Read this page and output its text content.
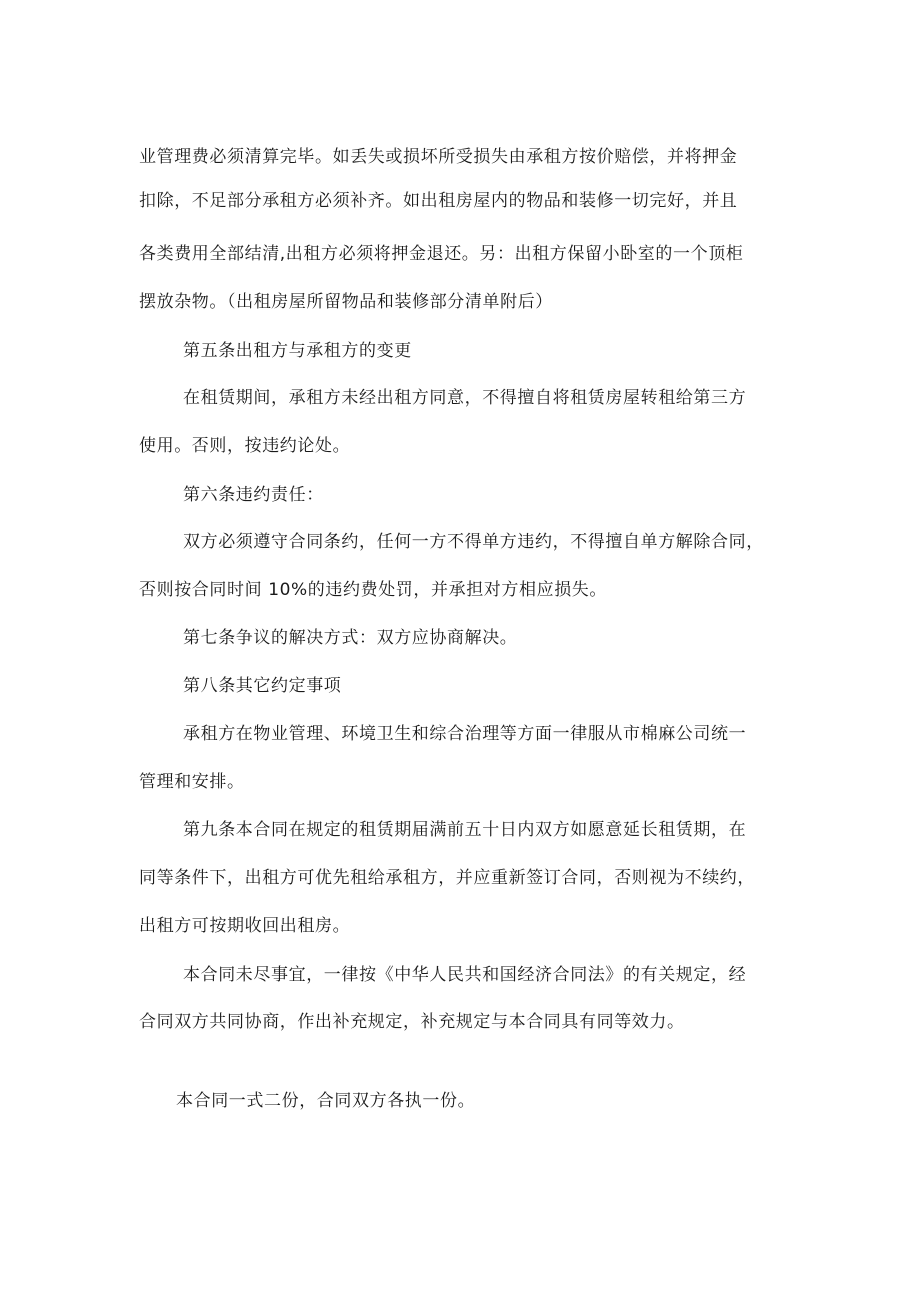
业管理费必须清算完毕。如丢失或损坏所受损失由承租方按价赔偿，并将押金
扣除，不足部分承租方必须补齐。如出租房屋内的物品和装修一切完好，并且
各类费用全部结清,出租方必须将押金退还。另：出租方保留小卧室的一个顶柜
摆放杂物。（出租房屋所留物品和装修部分清单附后）
第五条出租方与承租方的变更
在租赁期间，承租方未经出租方同意，不得擅自将租赁房屋转租给第三方
使用。否则，按违约论处。
第六条违约责任：
双方必须遵守合同条约，任何一方不得单方违约，不得擅自单方解除合同，
否则按合同时间 10%的违约费处罚，并承担对方相应损失。
第七条争议的解决方式：双方应协商解决。
第八条其它约定事项
承租方在物业管理、环境卫生和综合治理等方面一律服从市棉麻公司统一
管理和安排。
第九条本合同在规定的租赁期届满前五十日内双方如愿意延长租赁期，在
同等条件下，出租方可优先租给承租方，并应重新签订合同，否则视为不续约，
出租方可按期收回出租房。
本合同未尽事宜，一律按《中华人民共和国经济合同法》的有关规定，经
合同双方共同协商，作出补充规定，补充规定与本合同具有同等效力。
本合同一式二份，合同双方各执一份。
